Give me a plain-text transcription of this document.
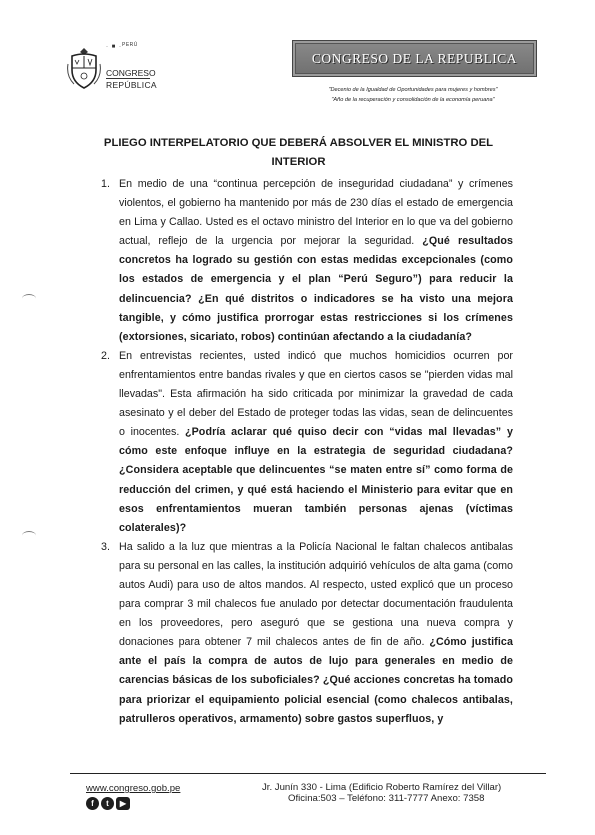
· ■ · PERÚ
CONGRESO
REPÚBLICA
CONGRESO DE LA REPUBLICA
"Decenio de la Igualdad de Oportunidades para mujeres y hombres"
"Año de la recuperación y consolidación de la economía peruana"
PLIEGO INTERPELATORIO QUE DEBERÁ ABSOLVER EL MINISTRO DEL
INTERIOR
1. En medio de una “continua percepción de inseguridad ciudadana” y crímenes violentos, el gobierno ha mantenido por más de 230 días el estado de emergencia en Lima y Callao. Usted es el octavo ministro del Interior en lo que va del gobierno actual, reflejo de la urgencia por mejorar la seguridad. ¿Qué resultados concretos ha logrado su gestión con estas medidas excepcionales (como los estados de emergencia y el plan “Perú Seguro”) para reducir la delincuencia? ¿En qué distritos o indicadores se ha visto una mejora tangible, y cómo justifica prorrogar estas restricciones si los crímenes (extorsiones, sicariato, robos) continúan afectando a la ciudadanía?
2. En entrevistas recientes, usted indicó que muchos homicidios ocurren por enfrentamientos entre bandas rivales y que en ciertos casos se "pierden vidas mal llevadas". Esta afirmación ha sido criticada por minimizar la gravedad de cada asesinato y el deber del Estado de proteger todas las vidas, sean de delincuentes o inocentes. ¿Podría aclarar qué quiso decir con “vidas mal llevadas” y cómo este enfoque influye en la estrategia de seguridad ciudadana? ¿Considera aceptable que delincuentes “se maten entre sí” como forma de reducción del crimen, y qué está haciendo el Ministerio para evitar que en esos enfrentamientos mueran también personas ajenas (víctimas colaterales)?
3. Ha salido a la luz que mientras a la Policía Nacional le faltan chalecos antibalas para su personal en las calles, la institución adquirió vehículos de alta gama (como autos Audi) para uso de altos mandos. Al respecto, usted explicó que un proceso para comprar 3 mil chalecos fue anulado por detectar documentación fraudulenta en los proveedores, pero aseguró que se gestiona una nueva compra y donaciones para obtener 7 mil chalecos antes de fin de año. ¿Cómo justifica ante el país la compra de autos de lujo para generales en medio de carencias básicas de los suboficiales? ¿Qué acciones concretas ha tomado para priorizar el equipamiento policial esencial (como chalecos antibalas, patrulleros operativos, armamento) sobre gastos superfluos, y
www.congreso.gob.pe
f	t	▶
Jr. Junín 330 - Lima (Edificio Roberto Ramírez del Villar)
Oficina:503 – Teléfono: 311-7777 Anexo: 7358
